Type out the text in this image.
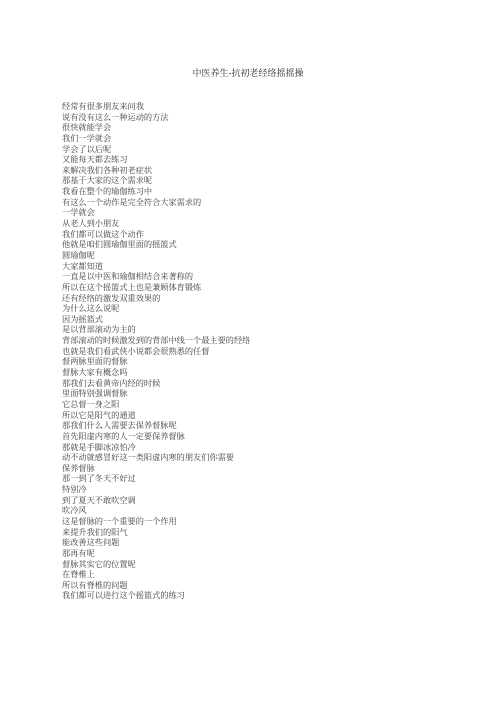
中医养生-抗初老经络摇摇操
经常有很多朋友来问我
说有没有这么一种运动的方法
很快就能学会
我们一学就会
学会了以后呢
又能每天都去练习
来解决我们各种初老症状
那基于大家的这个需求呢
我看在整个的瑜伽练习中
有这么一个动作是完全符合大家需求的
一学就会
从老人到小朋友
我们都可以做这个动作
他就是咱们圆瑜伽里面的摇篮式
圆瑜伽呢
大家都知道
一直是以中医和瑜伽相结合来著称的
所以在这个摇篮式上也是兼顾体育锻炼
还有经络的激发双重效果的
为什么这么说呢
因为摇篮式
是以背部滚动为主的
背部滚动的时候激发到的背部中线一个最主要的经络
也就是我们看武侠小说都会很熟悉的任督
督两脉里面的督脉
督脉大家有概念吗
那我们去看黄帝内经的时候
里面特别强调督脉
它总督一身之阳
所以它是阳气的通道
那我们什么人需要去保养督脉呢
首先阳虚内寒的人一定要保养督脉
那就是手脚冰凉怕冷
动不动就感冒好这一类阳虚内寒的朋友们你需要
保养督脉
那一到了冬天不好过
特别冷
到了夏天不敢吹空调
吹冷风
这是督脉的一个重要的一个作用
来提升我们的阳气
能改善这些问题
那再有呢
督脉其实它的位置呢
在脊椎上
所以有脊椎的问题
我们都可以进行这个摇篮式的练习
